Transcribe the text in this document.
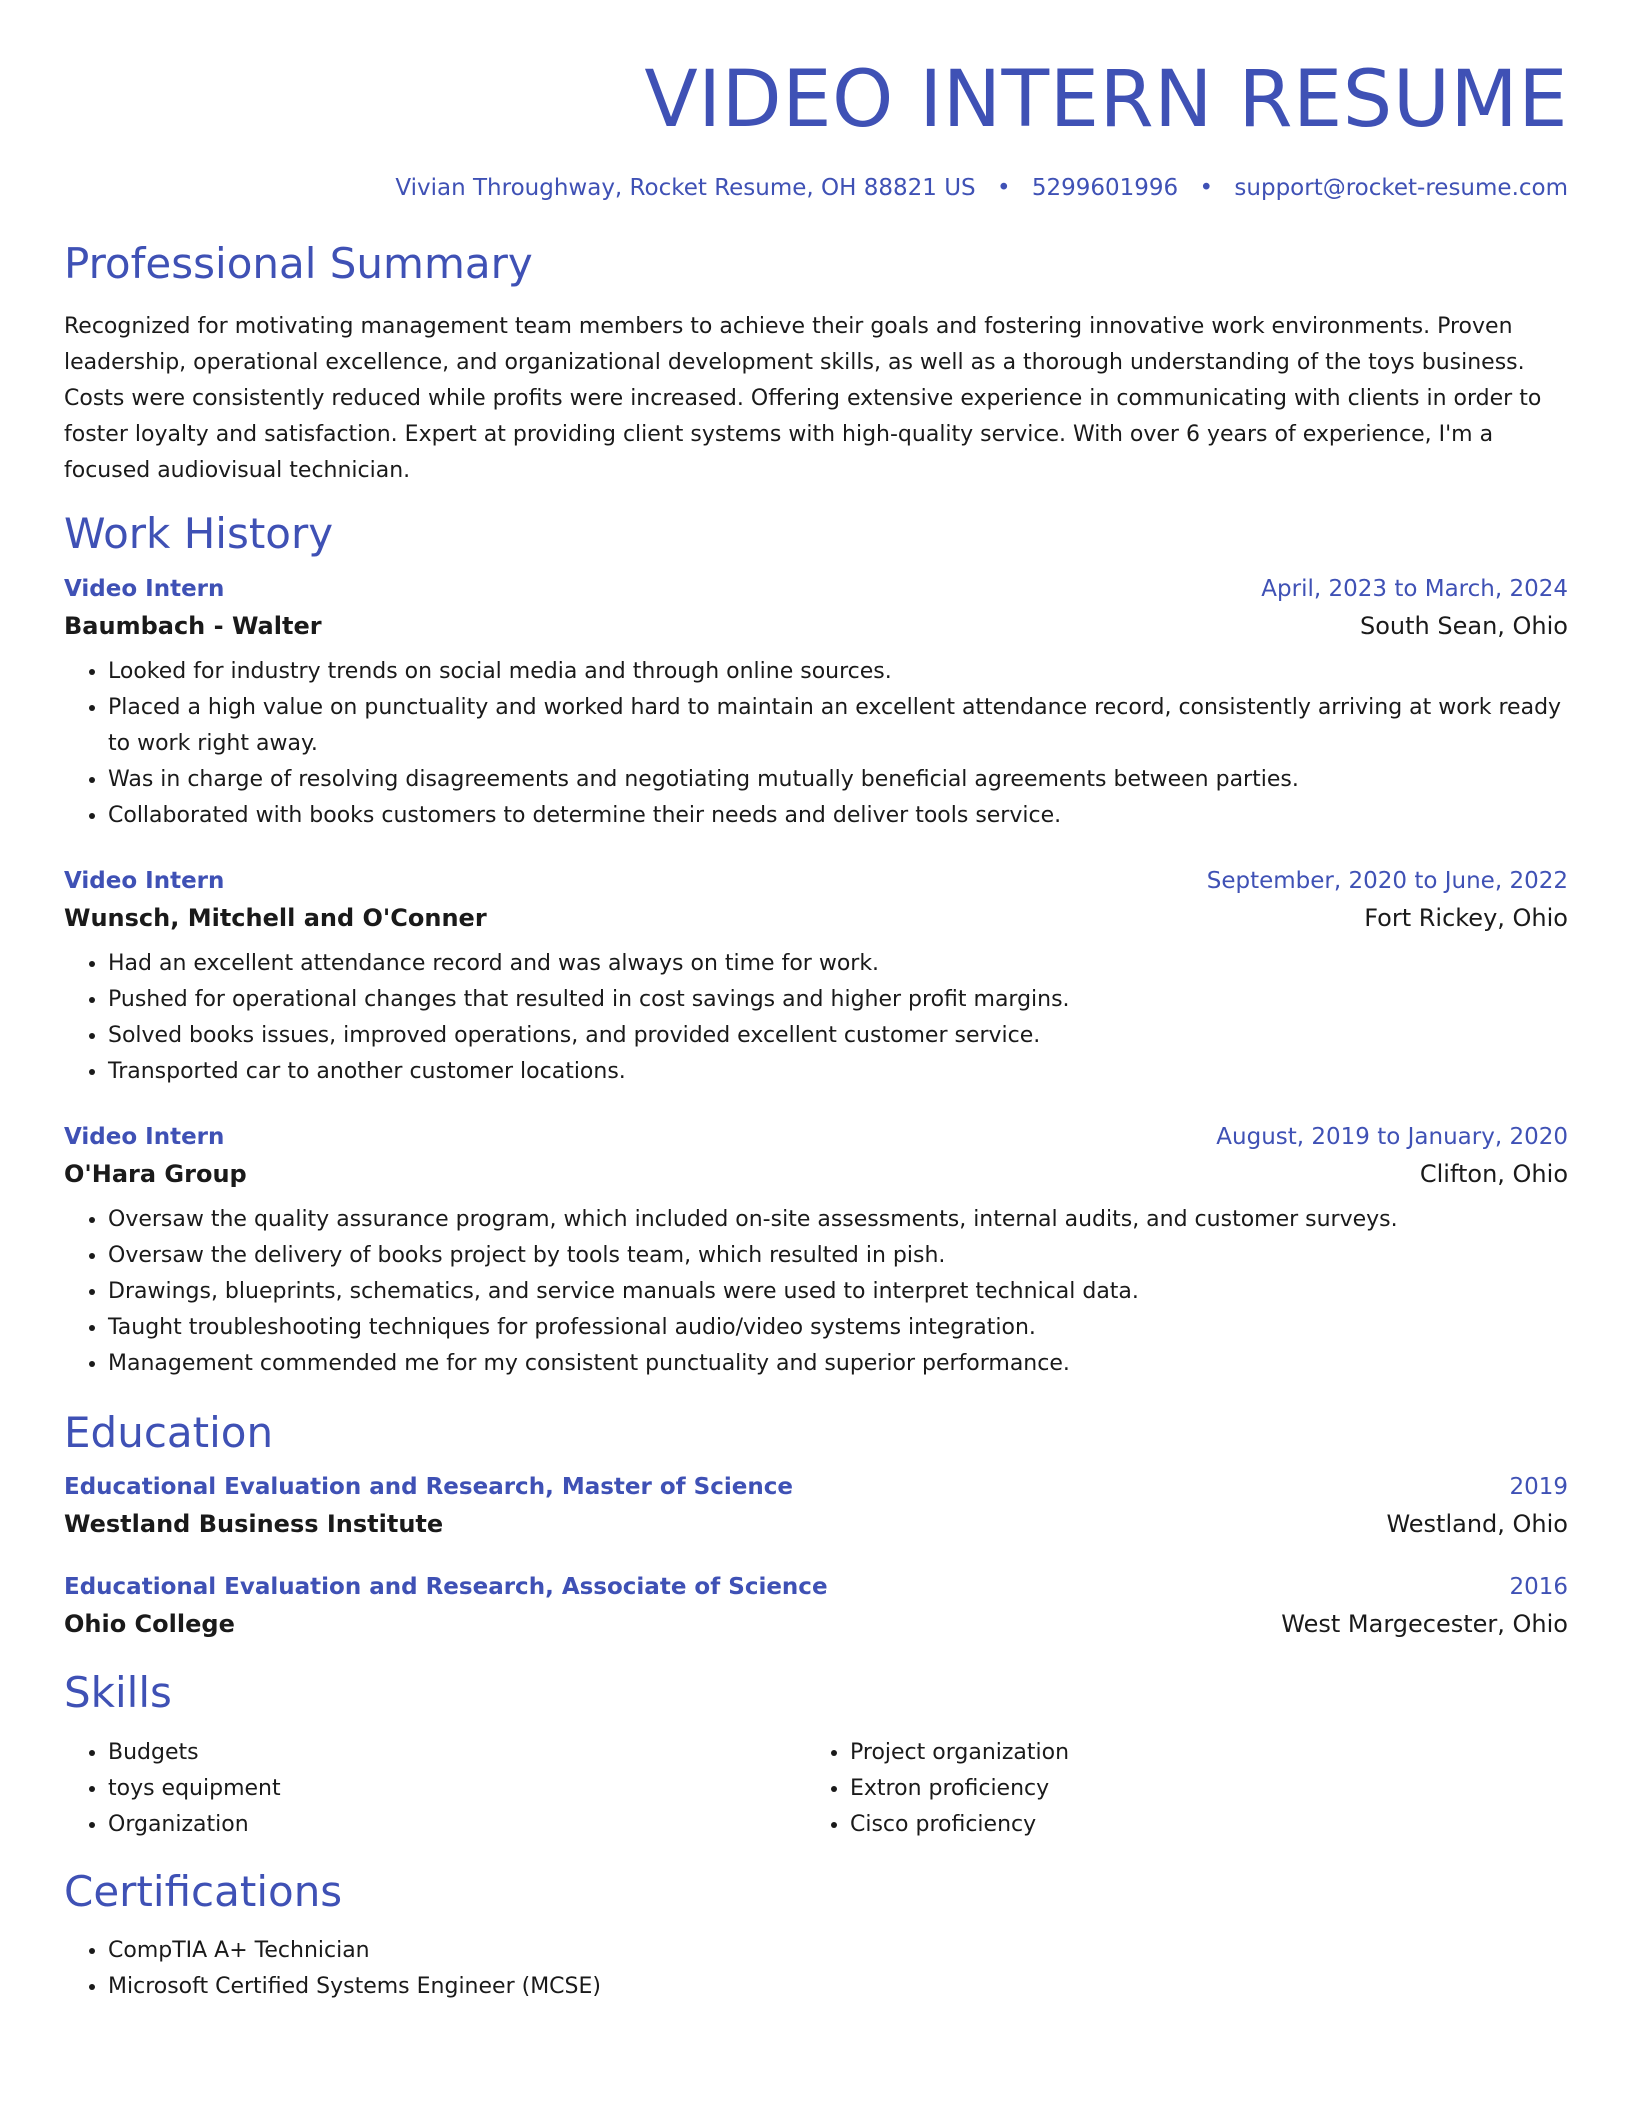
VIDEO INTERN RESUME
Vivian Throughway, Rocket Resume, OH 88821 US • 5299601996 • support@rocket-resume.com
Professional Summary

Recognized for motivating management team members to achieve their goals and fostering innovative work environments. Proven leadership, operational excellence, and organizational development skills, as well as a thorough understanding of the toys business. Costs were consistently reduced while profits were increased. Offering extensive experience in communicating with clients in order to foster loyalty and satisfaction. Expert at providing client systems with high-quality service. With over 6 years of experience, I'm a focused audiovisual technician.

Work History
Video Intern	April, 2023 to March, 2024
Baumbach - Walter	South Sean, Ohio
• Looked for industry trends on social media and through online sources.
• Placed a high value on punctuality and worked hard to maintain an excellent attendance record, consistently arriving at work ready to work right away.
• Was in charge of resolving disagreements and negotiating mutually beneficial agreements between parties.
• Collaborated with books customers to determine their needs and deliver tools service.
Video Intern	September, 2020 to June, 2022
Wunsch, Mitchell and O'Conner	Fort Rickey, Ohio
• Had an excellent attendance record and was always on time for work.
• Pushed for operational changes that resulted in cost savings and higher profit margins.
• Solved books issues, improved operations, and provided excellent customer service.
• Transported car to another customer locations.
Video Intern	August, 2019 to January, 2020
O'Hara Group	Clifton, Ohio
• Oversaw the quality assurance program, which included on-site assessments, internal audits, and customer surveys.
• Oversaw the delivery of books project by tools team, which resulted in pish.
• Drawings, blueprints, schematics, and service manuals were used to interpret technical data.
• Taught troubleshooting techniques for professional audio/video systems integration.
• Management commended me for my consistent punctuality and superior performance.
Education
Educational Evaluation and Research, Master of Science	2019
Westland Business Institute	Westland, Ohio
Educational Evaluation and Research, Associate of Science	2016
Ohio College	West Margecester, Ohio
Skills
• Budgets
• toys equipment
• Organization
• Project organization
• Extron proficiency
• Cisco proficiency
Certifications
• CompTIA A+ Technician
• Microsoft Certified Systems Engineer (MCSE)
